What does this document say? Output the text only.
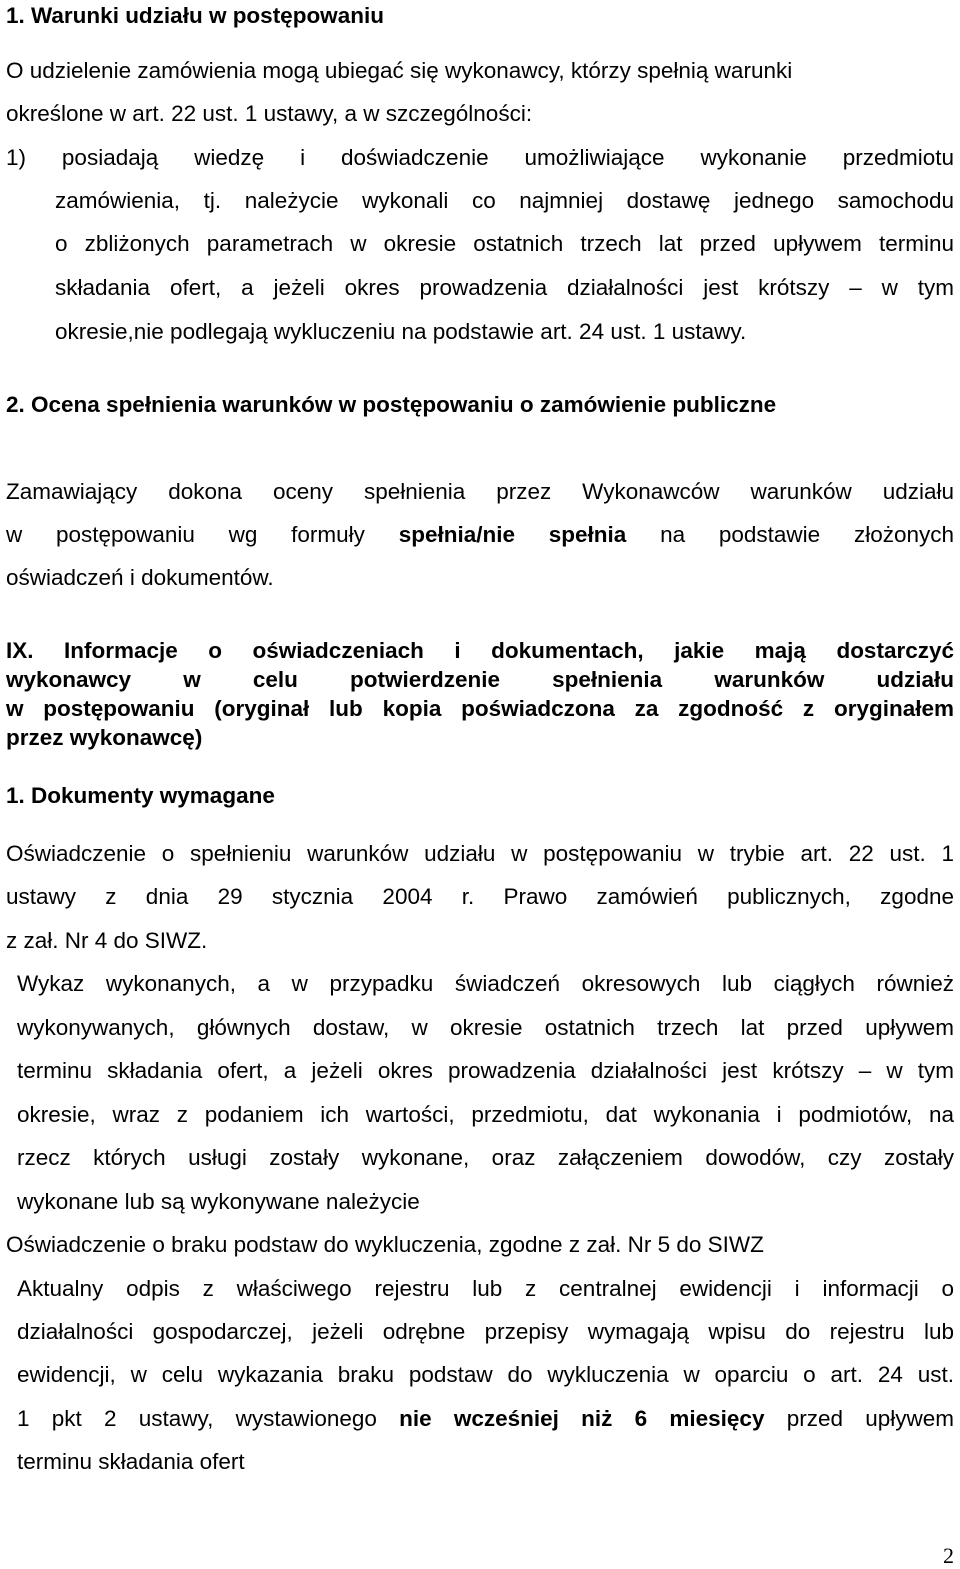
1. Warunki udziału w postępowaniu
O udzielenie zamówienia mogą ubiegać się wykonawcy, którzy spełnią warunki
określone w art. 22 ust. 1 ustawy, a w szczególności:
1) posiadają wiedzę i doświadczenie umożliwiające wykonanie przedmiotu
zamówienia, tj. należycie wykonali co najmniej dostawę jednego samochodu
o zbliżonych parametrach w okresie ostatnich trzech lat przed upływem terminu
składania ofert, a jeżeli okres prowadzenia działalności jest krótszy – w tym
okresie,nie podlegają wykluczeniu na podstawie art. 24 ust. 1 ustawy.
2. Ocena spełnienia warunków w postępowaniu o zamówienie publiczne
Zamawiający dokona oceny spełnienia przez Wykonawców warunków udziału
w postępowaniu wg formuły spełnia/nie spełnia na podstawie złożonych
oświadczeń i dokumentów.
IX. Informacje o oświadczeniach i dokumentach, jakie mają dostarczyć
wykonawcy w celu potwierdzenie spełnienia warunków udziału
w postępowaniu (oryginał lub kopia poświadczona za zgodność z oryginałem
przez wykonawcę)
1. Dokumenty wymagane
Oświadczenie o spełnieniu warunków udziału w postępowaniu w trybie art. 22 ust. 1
ustawy z dnia 29 stycznia 2004 r. Prawo zamówień publicznych, zgodne
z zał. Nr 4 do SIWZ.
Wykaz wykonanych, a w przypadku świadczeń okresowych lub ciągłych również
wykonywanych, głównych dostaw, w okresie ostatnich trzech lat przed upływem
terminu składania ofert, a jeżeli okres prowadzenia działalności jest krótszy – w tym
okresie, wraz z podaniem ich wartości, przedmiotu, dat wykonania i podmiotów, na
rzecz których usługi zostały wykonane, oraz załączeniem dowodów, czy zostały
wykonane lub są wykonywane należycie
Oświadczenie o braku podstaw do wykluczenia, zgodne z zał. Nr 5 do SIWZ
Aktualny odpis z właściwego rejestru lub z centralnej ewidencji i informacji o
działalności gospodarczej, jeżeli odrębne przepisy wymagają wpisu do rejestru lub
ewidencji, w celu wykazania braku podstaw do wykluczenia w oparciu o art. 24 ust.
1 pkt 2 ustawy, wystawionego nie wcześniej niż 6 miesięcy przed upływem
terminu składania ofert
2
